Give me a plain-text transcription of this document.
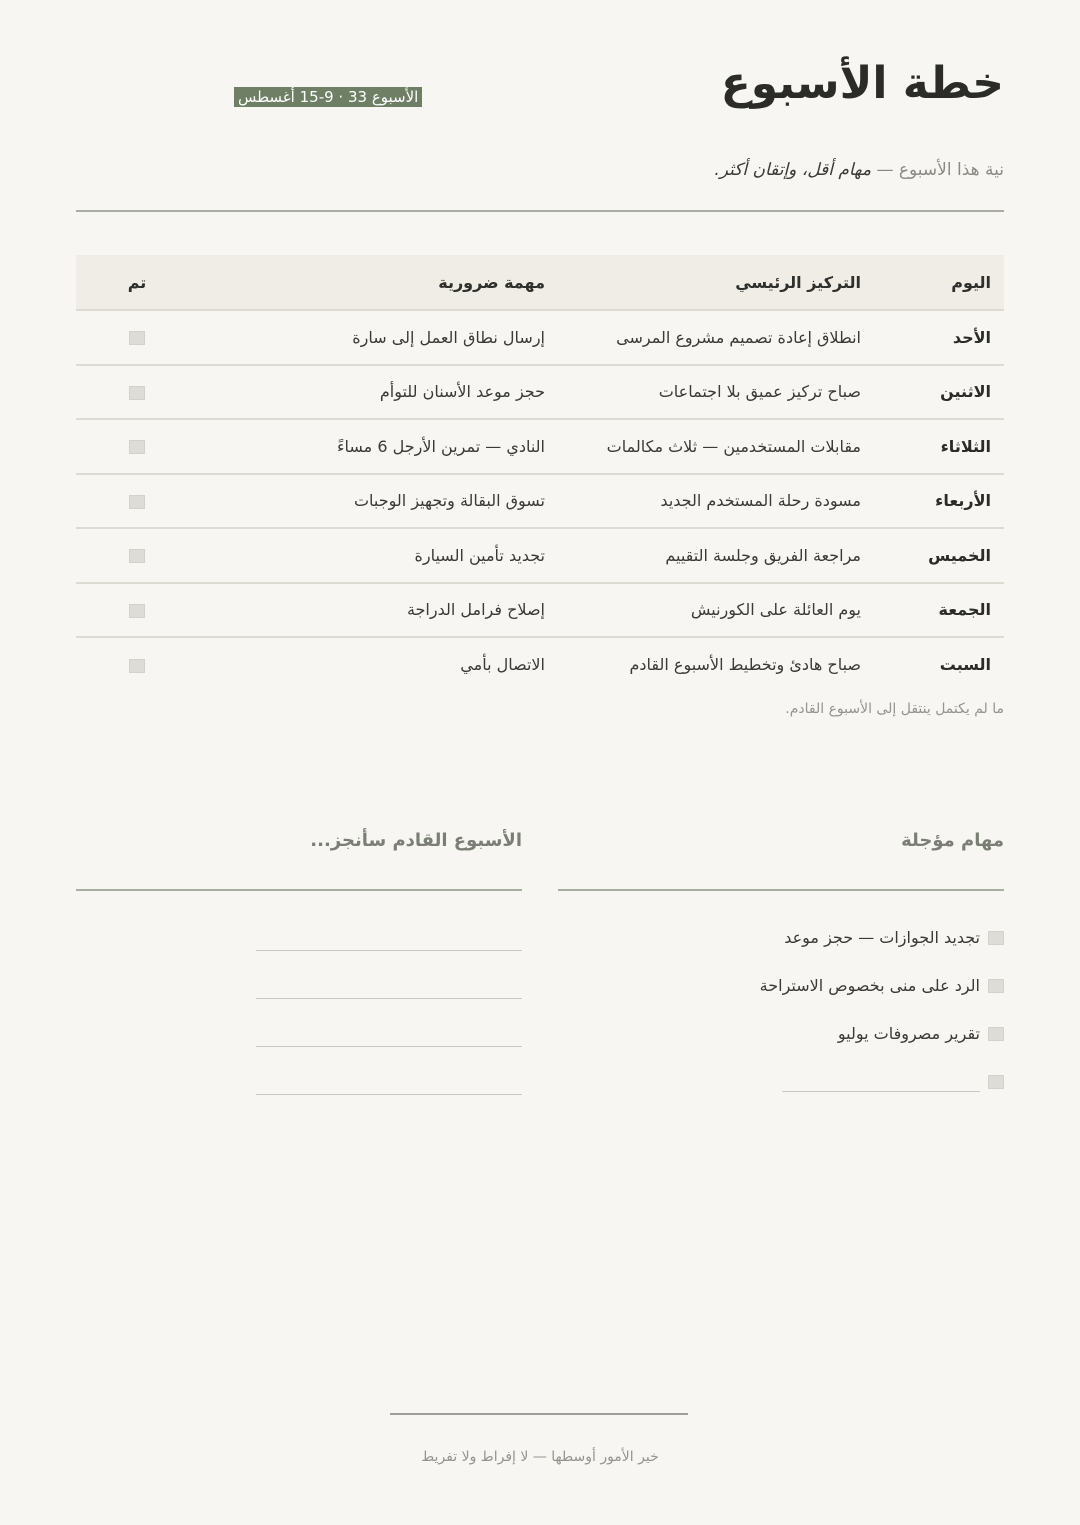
خطة الأسبوع
الأسبوع 33 · 9-15 أغسطس

نية هذا الأسبوع — مهام أقل، وإتقان أكثر.

اليوم	التركيز الرئيسي	مهمة ضرورية	تم
الأحد	انطلاق إعادة تصميم مشروع المرسى	إرسال نطاق العمل إلى سارة	
الاثنين	صباح تركيز عميق بلا اجتماعات	حجز موعد الأسنان للتوأم	
الثلاثاء	مقابلات المستخدمين — ثلاث مكالمات	النادي — تمرين الأرجل 6 مساءً	
الأربعاء	مسودة رحلة المستخدم الجديد	تسوق البقالة وتجهيز الوجبات	
الخميس	مراجعة الفريق وجلسة التقييم	تجديد تأمين السيارة	
الجمعة	يوم العائلة على الكورنيش	إصلاح فرامل الدراجة	
السبت	صباح هادئ وتخطيط الأسبوع القادم	الاتصال بأمي	

ما لم يكتمل ينتقل إلى الأسبوع القادم.

مهام مؤجلة
تجديد الجوازات — حجز موعد
الرد على منى بخصوص الاستراحة
تقرير مصروفات يوليو
الأسبوع القادم سأنجز...

خير الأمور أوسطها — لا إفراط ولا تفريط
